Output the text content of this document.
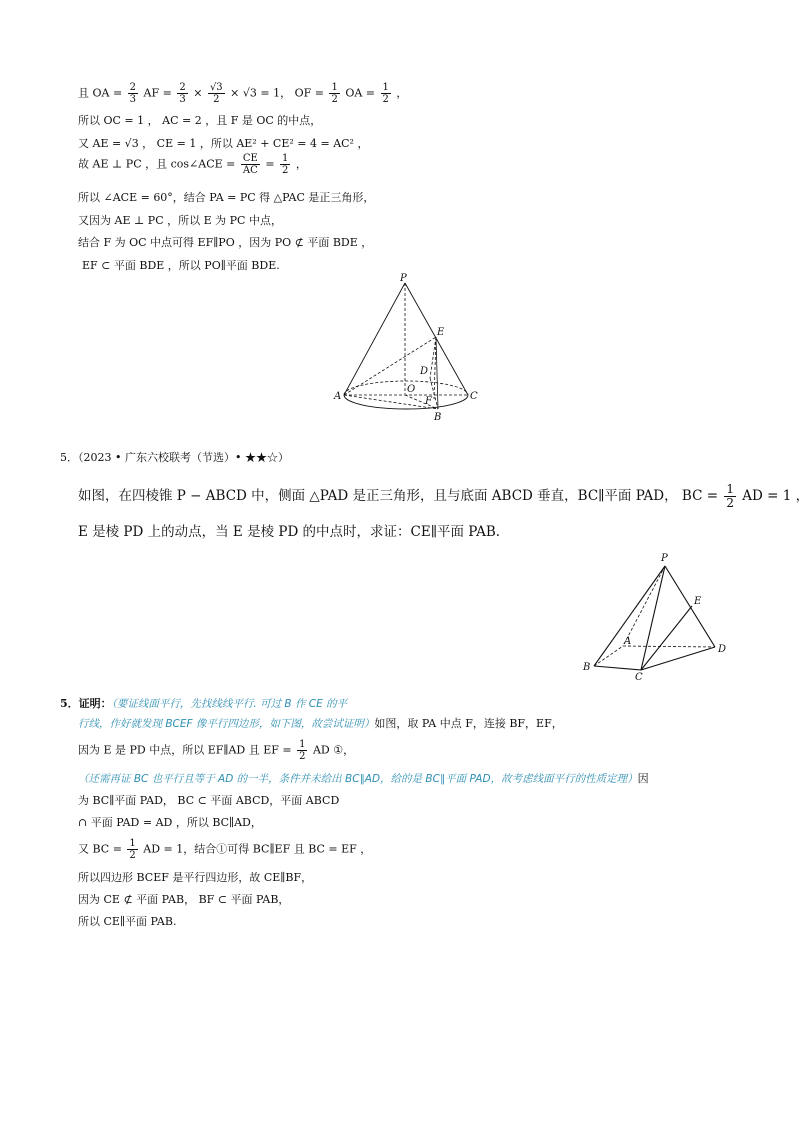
且 OA = $\frac{2}{3}$ AF = $\frac{2}{3} \times \frac{√3}{2} \times √3 = 1$， OF = $\frac{1}{2}$ OA = $\frac{1}{2}$ ，
所以 OC = 1 ， AC = 2 ，且 F 是 OC 的中点，
又 AE = √3 ， CE = 1 ，所以 AE² + CE² = 4 = AC² ，
故 AE ⊥ PC ，且 cos∠ACE = $\frac{CE}{AC} = \frac{1}{2}$ ，
所以 ∠ACE = 60°，结合 PA = PC 得 △PAC 是正三角形，
又因为 AE ⊥ PC ，所以 E 为 PC 中点，
结合 F 为 OC 中点可得 EF∥PO ，因为 PO ⊄ 平面 BDE ，
EF ⊂ 平面 BDE ，所以 PO∥平面 BDE.
P
E
D
O
A	F	C
B
5．（2023 • 广东六校联考（节选）• ★★☆）
如图，在四棱锥 P − ABCD 中，侧面 △PAD 是正三角形，且与底面 ABCD 垂直，BC∥平面 PAD， BC = $\frac{1}{2}$ AD = 1 ，
E 是棱 PD 上的动点，当 E 是棱 PD 的中点时，求证：CE∥平面 PAB.
P
E
A
D
B
C
5．证明：（要证线面平行，先找线线平行. 可过 B 作 CE 的平
行线，作好就发现 BCEF 像平行四边形，如下图，故尝试证明）如图，取 PA 中点 F，连接 BF，EF，
因为 E 是 PD 中点，所以 EF∥AD 且 EF = $\frac{1}{2}$ AD ①，
（还需再证 BC 也平行且等于 AD 的一半，条件并未给出 BC∥AD，给的是 BC∥平面 PAD，故考虑线面平行的性质定理）因
为 BC∥平面 PAD， BC ⊂ 平面 ABCD，平面 ABCD
∩ 平面 PAD = AD ，所以 BC∥AD，
又 BC = $\frac{1}{2}$ AD = 1，结合①可得 BC∥EF 且 BC = EF ，
所以四边形 BCEF 是平行四边形，故 CE∥BF，
因为 CE ⊄ 平面 PAB， BF ⊂ 平面 PAB，
所以 CE∥平面 PAB.
